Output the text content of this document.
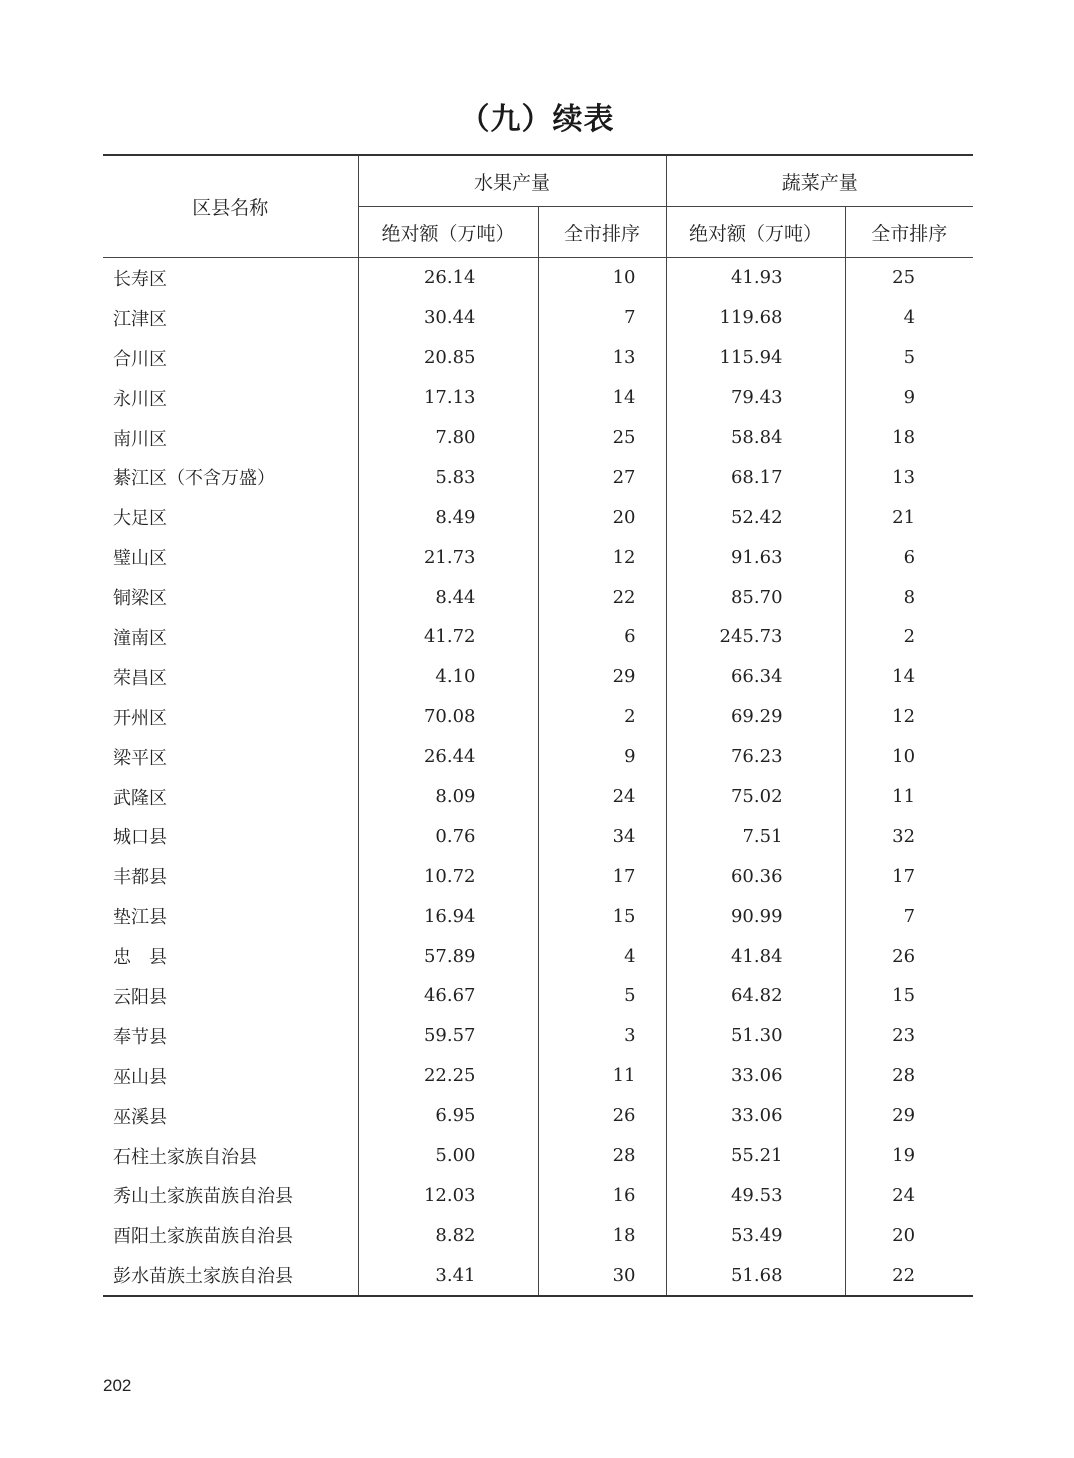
（九）续表
区县名称	水果产量		蔬菜产量	
	绝对额（万吨）	全市排序	绝对额（万吨）	全市排序
长寿区	26.14	10	41.93	25
江津区	30.44	7	119.68	4
合川区	20.85	13	115.94	5
永川区	17.13	14	79.43	9
南川区	7.80	25	58.84	18
綦江区（不含万盛）	5.83	27	68.17	13
大足区	8.49	20	52.42	21
璧山区	21.73	12	91.63	6
铜梁区	8.44	22	85.70	8
潼南区	41.72	6	245.73	2
荣昌区	4.10	29	66.34	14
开州区	70.08	2	69.29	12
梁平区	26.44	9	76.23	10
武隆区	8.09	24	75.02	11
城口县	0.76	34	7.51	32
丰都县	10.72	17	60.36	17
垫江县	16.94	15	90.99	7
忠　县	57.89	4	41.84	26
云阳县	46.67	5	64.82	15
奉节县	59.57	3	51.30	23
巫山县	22.25	11	33.06	28
巫溪县	6.95	26	33.06	29
石柱土家族自治县	5.00	28	55.21	19
秀山土家族苗族自治县	12.03	16	49.53	24
酉阳土家族苗族自治县	8.82	18	53.49	20
彭水苗族土家族自治县	3.41	30	51.68	22
202
